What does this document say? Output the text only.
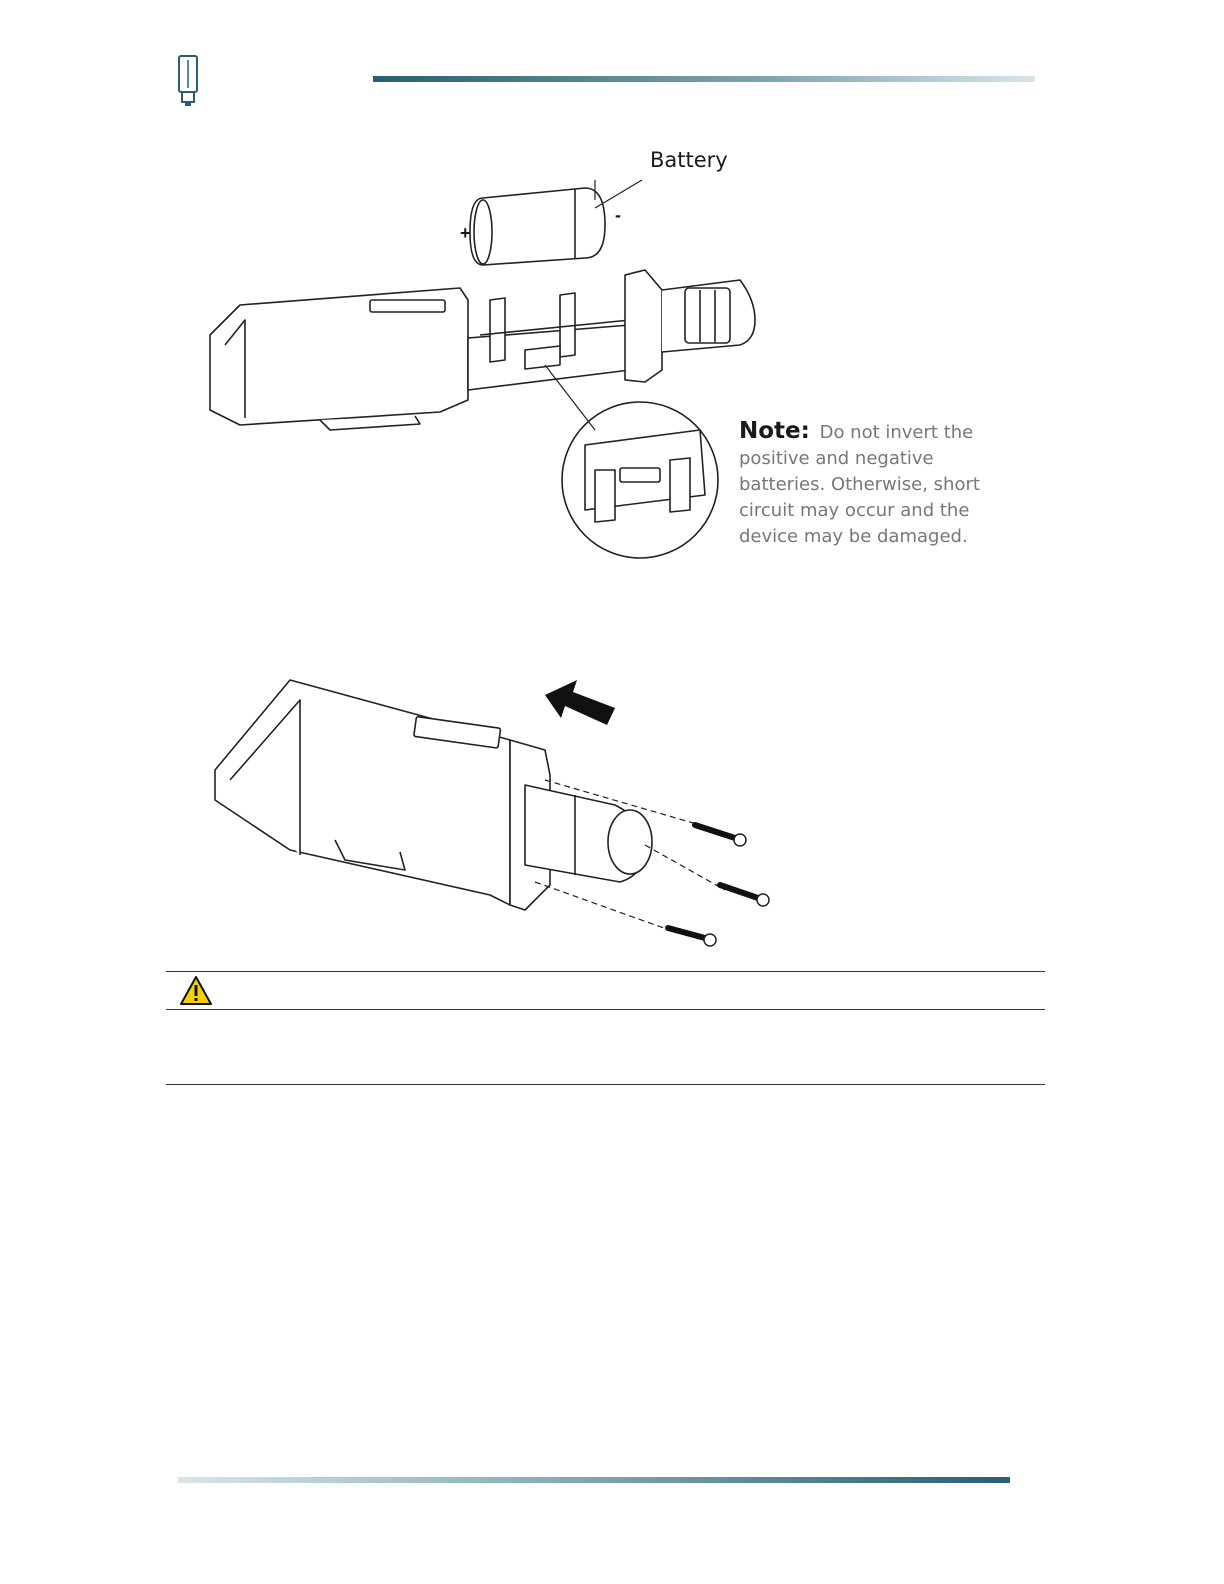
Battery
+
-
Note: Do not invert the positive and negative batteries. Otherwise, short circuit may occur and the device may be damaged.
